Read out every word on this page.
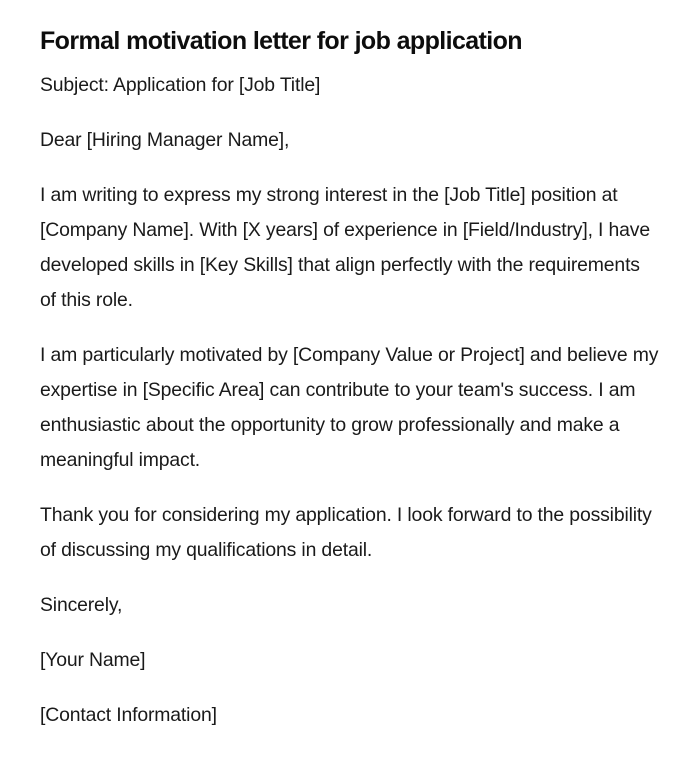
Formal motivation letter for job application

Subject: Application for [Job Title]

Dear [Hiring Manager Name],

I am writing to express my strong interest in the [Job Title] position at [Company Name]. With [X years] of experience in [Field/Industry], I have developed skills in [Key Skills] that align perfectly with the requirements of this role.

I am particularly motivated by [Company Value or Project] and believe my expertise in [Specific Area] can contribute to your team's success. I am enthusiastic about the opportunity to grow professionally and make a meaningful impact.

Thank you for considering my application. I look forward to the possibility of discussing my qualifications in detail.

Sincerely,

[Your Name]

[Contact Information]
